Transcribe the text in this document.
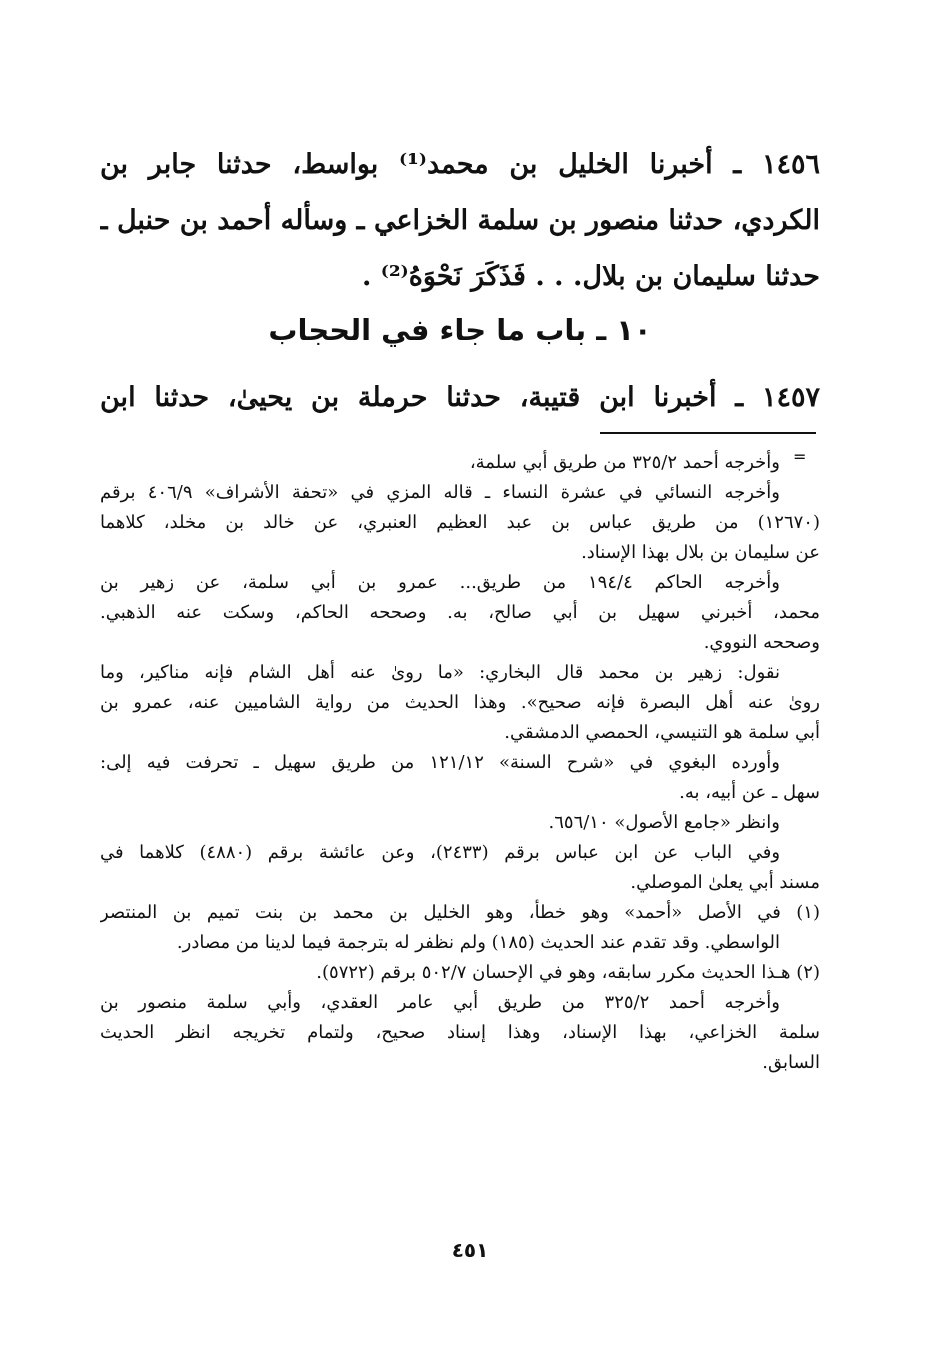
١٤٥٦ ـ أخبرنا الخليل بن محمد⁽¹⁾ بواسط، حدثنا جابر بن
الكردي، حدثنا منصور بن سلمة الخزاعي ـ وسأله أحمد بن حنبل ـ
حدثنا سليمان بن بلال. . . فَذَكَرَ نَحْوَهُ⁽²⁾ .
١٠ ـ باب ما جاء في الحجاب
١٤٥٧ ـ أخبرنا ابن قتيبة، حدثنا حرملة بن يحيىٰ، حدثنا ابن
=
وأخرجه أحمد ٣٢٥/٢ من طريق أبي سلمة،
وأخرجه النسائي في عشرة النساء ـ قاله المزي في «تحفة الأشراف» ٤٠٦/٩ برقم
(١٢٦٧٠) من طريق عباس بن عبد العظيم العنبري، عن خالد بن مخلد، كلاهما
عن سليمان بن بلال بهذا الإسناد.
وأخرجه الحاكم ١٩٤/٤ من طريق... عمرو بن أبي سلمة، عن زهير بن
محمد، أخبرني سهيل بن أبي صالح، به. وصححه الحاكم، وسكت عنه الذهبي.
وصححه النووي.
نقول: زهير بن محمد قال البخاري: «ما روىٰ عنه أهل الشام فإنه مناكير، وما
روىٰ عنه أهل البصرة فإنه صحيح». وهذا الحديث من رواية الشاميين عنه، عمرو بن
أبي سلمة هو التنيسي، الحمصي الدمشقي.
وأورده البغوي في «شرح السنة» ١٢١/١٢ من طريق سهيل ـ تحرفت فيه إلى:
سهل ـ عن أبيه، به.
وانظر «جامع الأصول» ٦٥٦/١٠.
وفي الباب عن ابن عباس برقم (٢٤٣٣)، وعن عائشة برقم (٤٨٨٠) كلاهما في
مسند أبي يعلىٰ الموصلي.
(١) في الأصل «أحمد» وهو خطأ، وهو الخليل بن محمد بن بنت تميم بن المنتصر
الواسطي. وقد تقدم عند الحديث (١٨٥) ولم نظفر له بترجمة فيما لدينا من مصادر.
(٢) هـذا الحديث مكرر سابقه، وهو في الإحسان ٥٠٢/٧ برقم (٥٧٢٢).
وأخرجه أحمد ٣٢٥/٢ من طريق أبي عامر العقدي، وأبي سلمة منصور بن
سلمة الخزاعي، بهذا الإسناد، وهذا إسناد صحيح، ولتمام تخريجه انظر الحديث
السابق.
٤٥١
